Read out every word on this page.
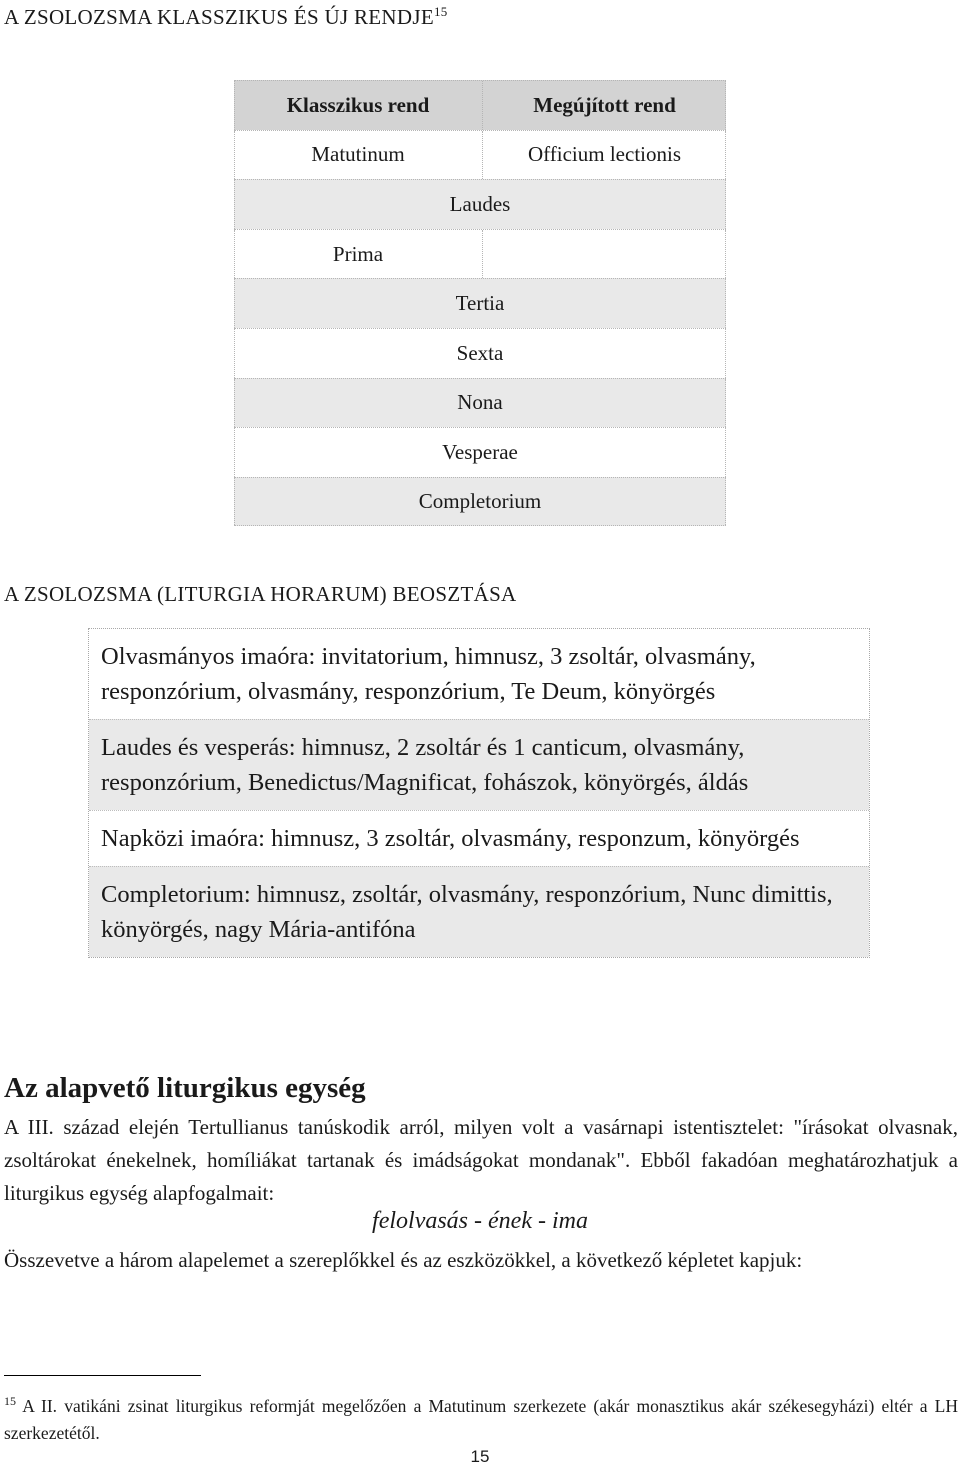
A ZSOLOZSMA KLASSZIKUS ÉS ÚJ RENDJE$^{15}$
Klasszikus rend	Megújított rend
Matutinum	Officium lectionis
Laudes
Prima
Tertia
Sexta
Nona
Vesperae
Completorium
A ZSOLOZSMA (LITURGIA HORARUM) BEOSZTÁSA
Olvasmányos imaóra: invitatorium, himnusz, 3 zsoltár, olvasmány, responzórium, olvasmány, responzórium, Te Deum, könyörgés
Laudes és vesperás: himnusz, 2 zsoltár és 1 canticum, olvasmány, responzórium, Benedictus/Magnificat, fohászok, könyörgés, áldás
Napközi imaóra: himnusz, 3 zsoltár, olvasmány, responzum, könyörgés
Completorium: himnusz, zsoltár, olvasmány, responzórium, Nunc dimittis, könyörgés, nagy Mária-antifóna
Az alapvető liturgikus egység
A III. század elején Tertullianus tanúskodik arról, milyen volt a vasárnapi istentisztelet: "írásokat olvasnak, zsoltárokat énekelnek, homíliákat tartanak és imádságokat mondanak". Ebből fakadóan meghatározhatjuk a liturgikus egység alapfogalmait:
felolvasás - ének - ima
Összevetve a három alapelemet a szereplőkkel és az eszközökkel, a következő képletet kapjuk:
$^{15}$ A II. vatikáni zsinat liturgikus reformját megelőzően a Matutinum szerkezete (akár monasztikus akár székesegyházi) eltér a LH szerkezetétől.
15
